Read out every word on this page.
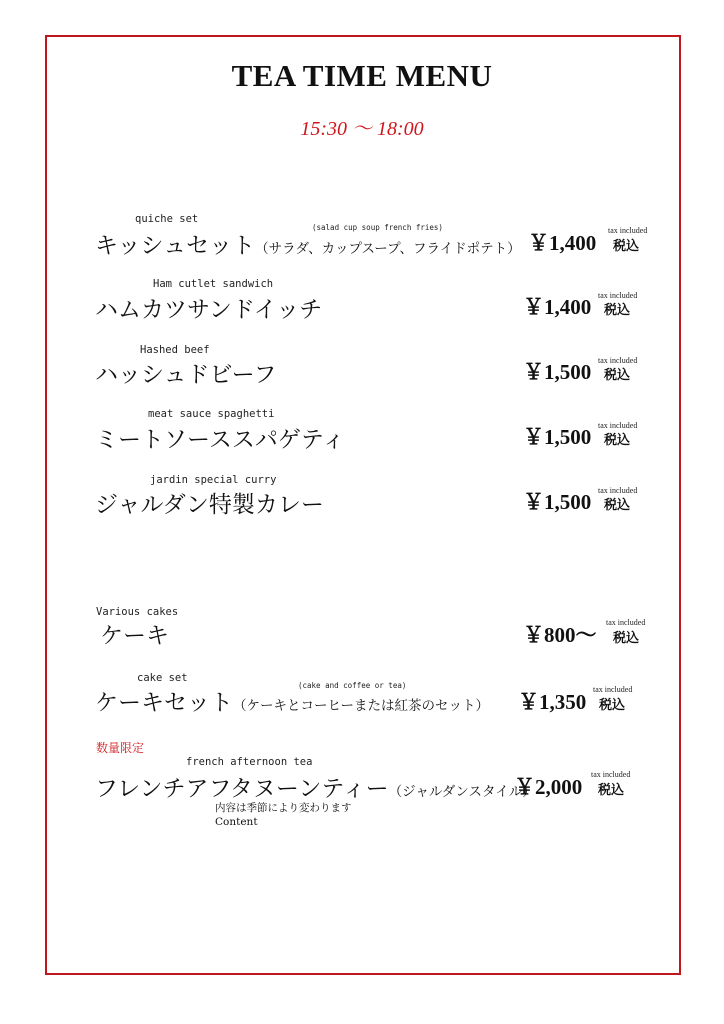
TEA TIME MENU
15:30 〜 18:00
quiche set
(salad cup soup french fries)
キッシュセット（サラダ、カップスープ、フライドポテト） ￥1,400
tax included
税込
Ham cutlet sandwich
ハムカツサンドイッチ	￥1,400 tax included
税込
Hashed beef
ハッシュドビーフ	￥1,500 tax included
税込
meat sauce spaghetti
ミートソーススパゲティ	￥1,500 tax included
税込
jardin special curry
ジャルダン特製カレー	￥1,500 tax included
税込
Various cakes
ケーキ	￥800〜
tax included
税込
cake set
(cake and coffee or tea)
ケーキセット（ケーキとコーヒーまたは紅茶のセット） ￥1,350
tax included
税込
数量限定
french afternoon tea
フレンチアフタヌーンティー（ジャルダンスタイル）
￥2,000
tax included
税込
内容は季節により変わります
Content
